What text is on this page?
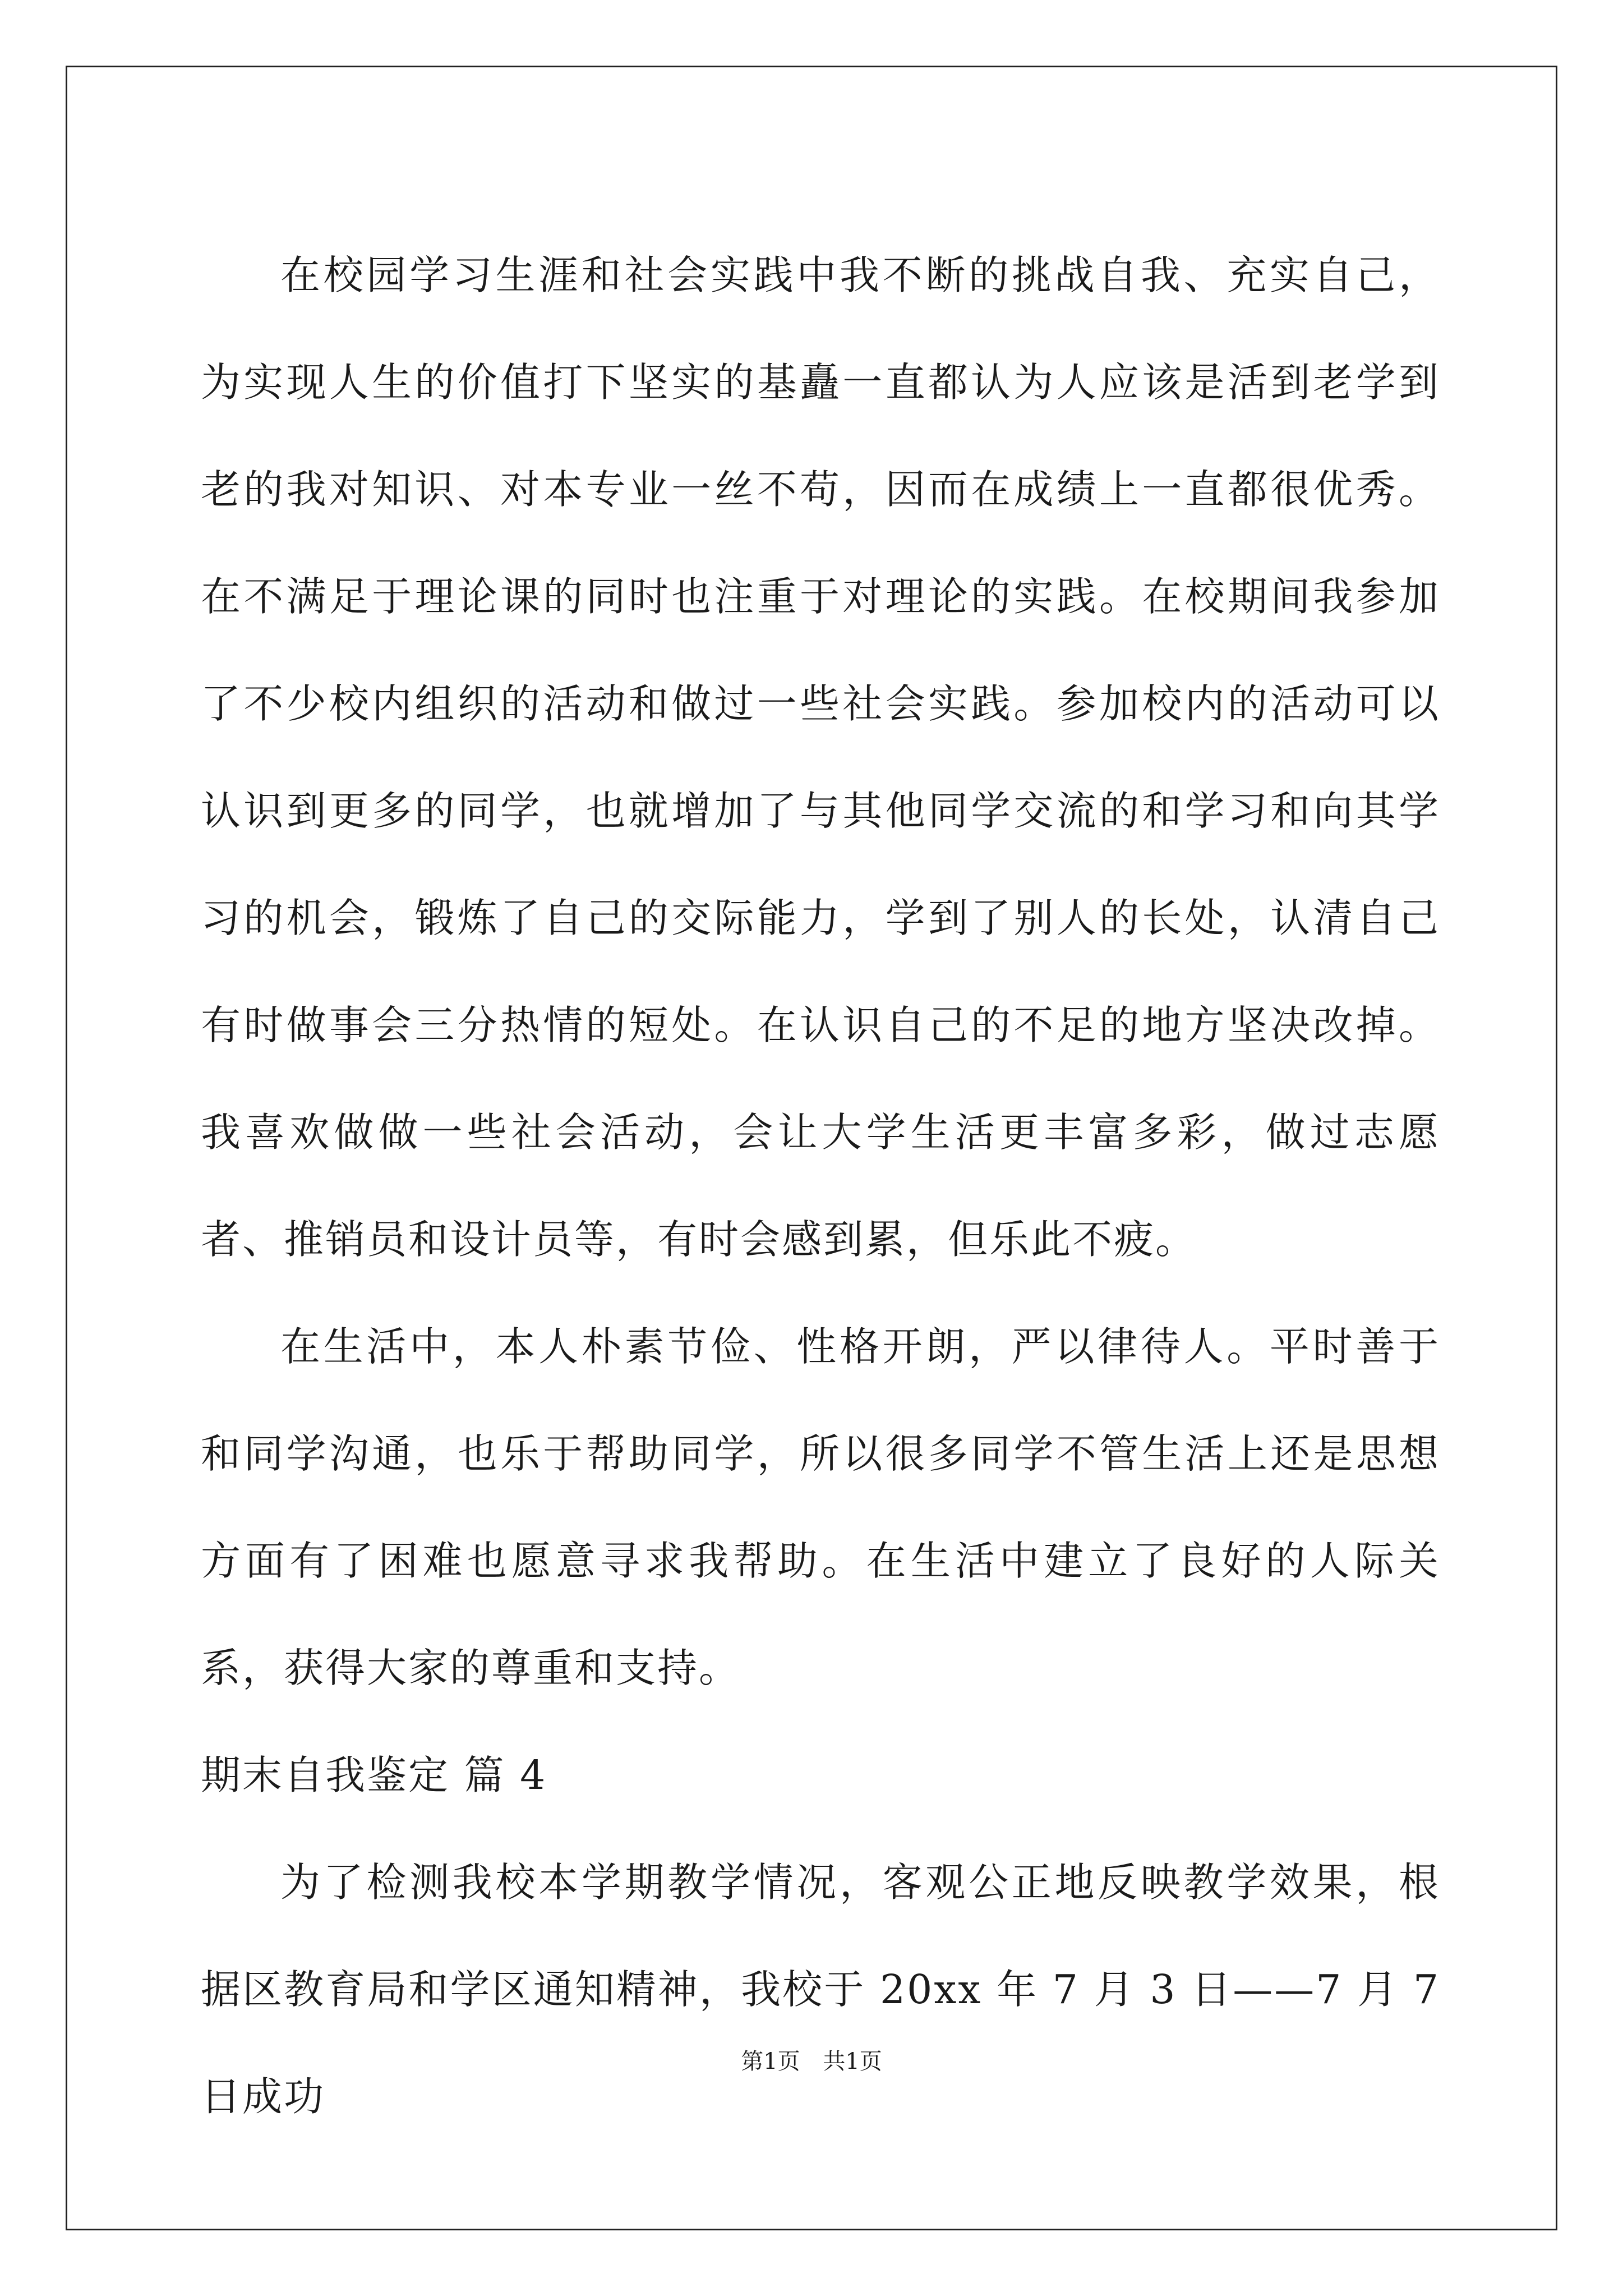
在校园学习生涯和社会实践中我不断的挑战自我、充实自己，为实现人生的价值打下坚实的基矗一直都认为人应该是活到老学到老的我对知识、对本专业一丝不苟，因而在成绩上一直都很优秀。在不满足于理论课的同时也注重于对理论的实践。在校期间我参加了不少校内组织的活动和做过一些社会实践。参加校内的活动可以认识到更多的同学，也就增加了与其他同学交流的和学习和向其学习的机会，锻炼了自己的交际能力，学到了别人的长处，认清自己有时做事会三分热情的短处。在认识自己的不足的地方坚决改掉。我喜欢做做一些社会活动，会让大学生活更丰富多彩，做过志愿者、推销员和设计员等，有时会感到累，但乐此不疲。

在生活中，本人朴素节俭、性格开朗，严以律待人。平时善于和同学沟通，也乐于帮助同学，所以很多同学不管生活上还是思想方面有了困难也愿意寻求我帮助。在生活中建立了良好的人际关系，获得大家的尊重和支持。

期末自我鉴定 篇 4

为了检测我校本学期教学情况，客观公正地反映教学效果，根据区教育局和学区通知精神，我校于 20xx 年 7 月 3 日——7 月 7 日成功

第1页 共1页
